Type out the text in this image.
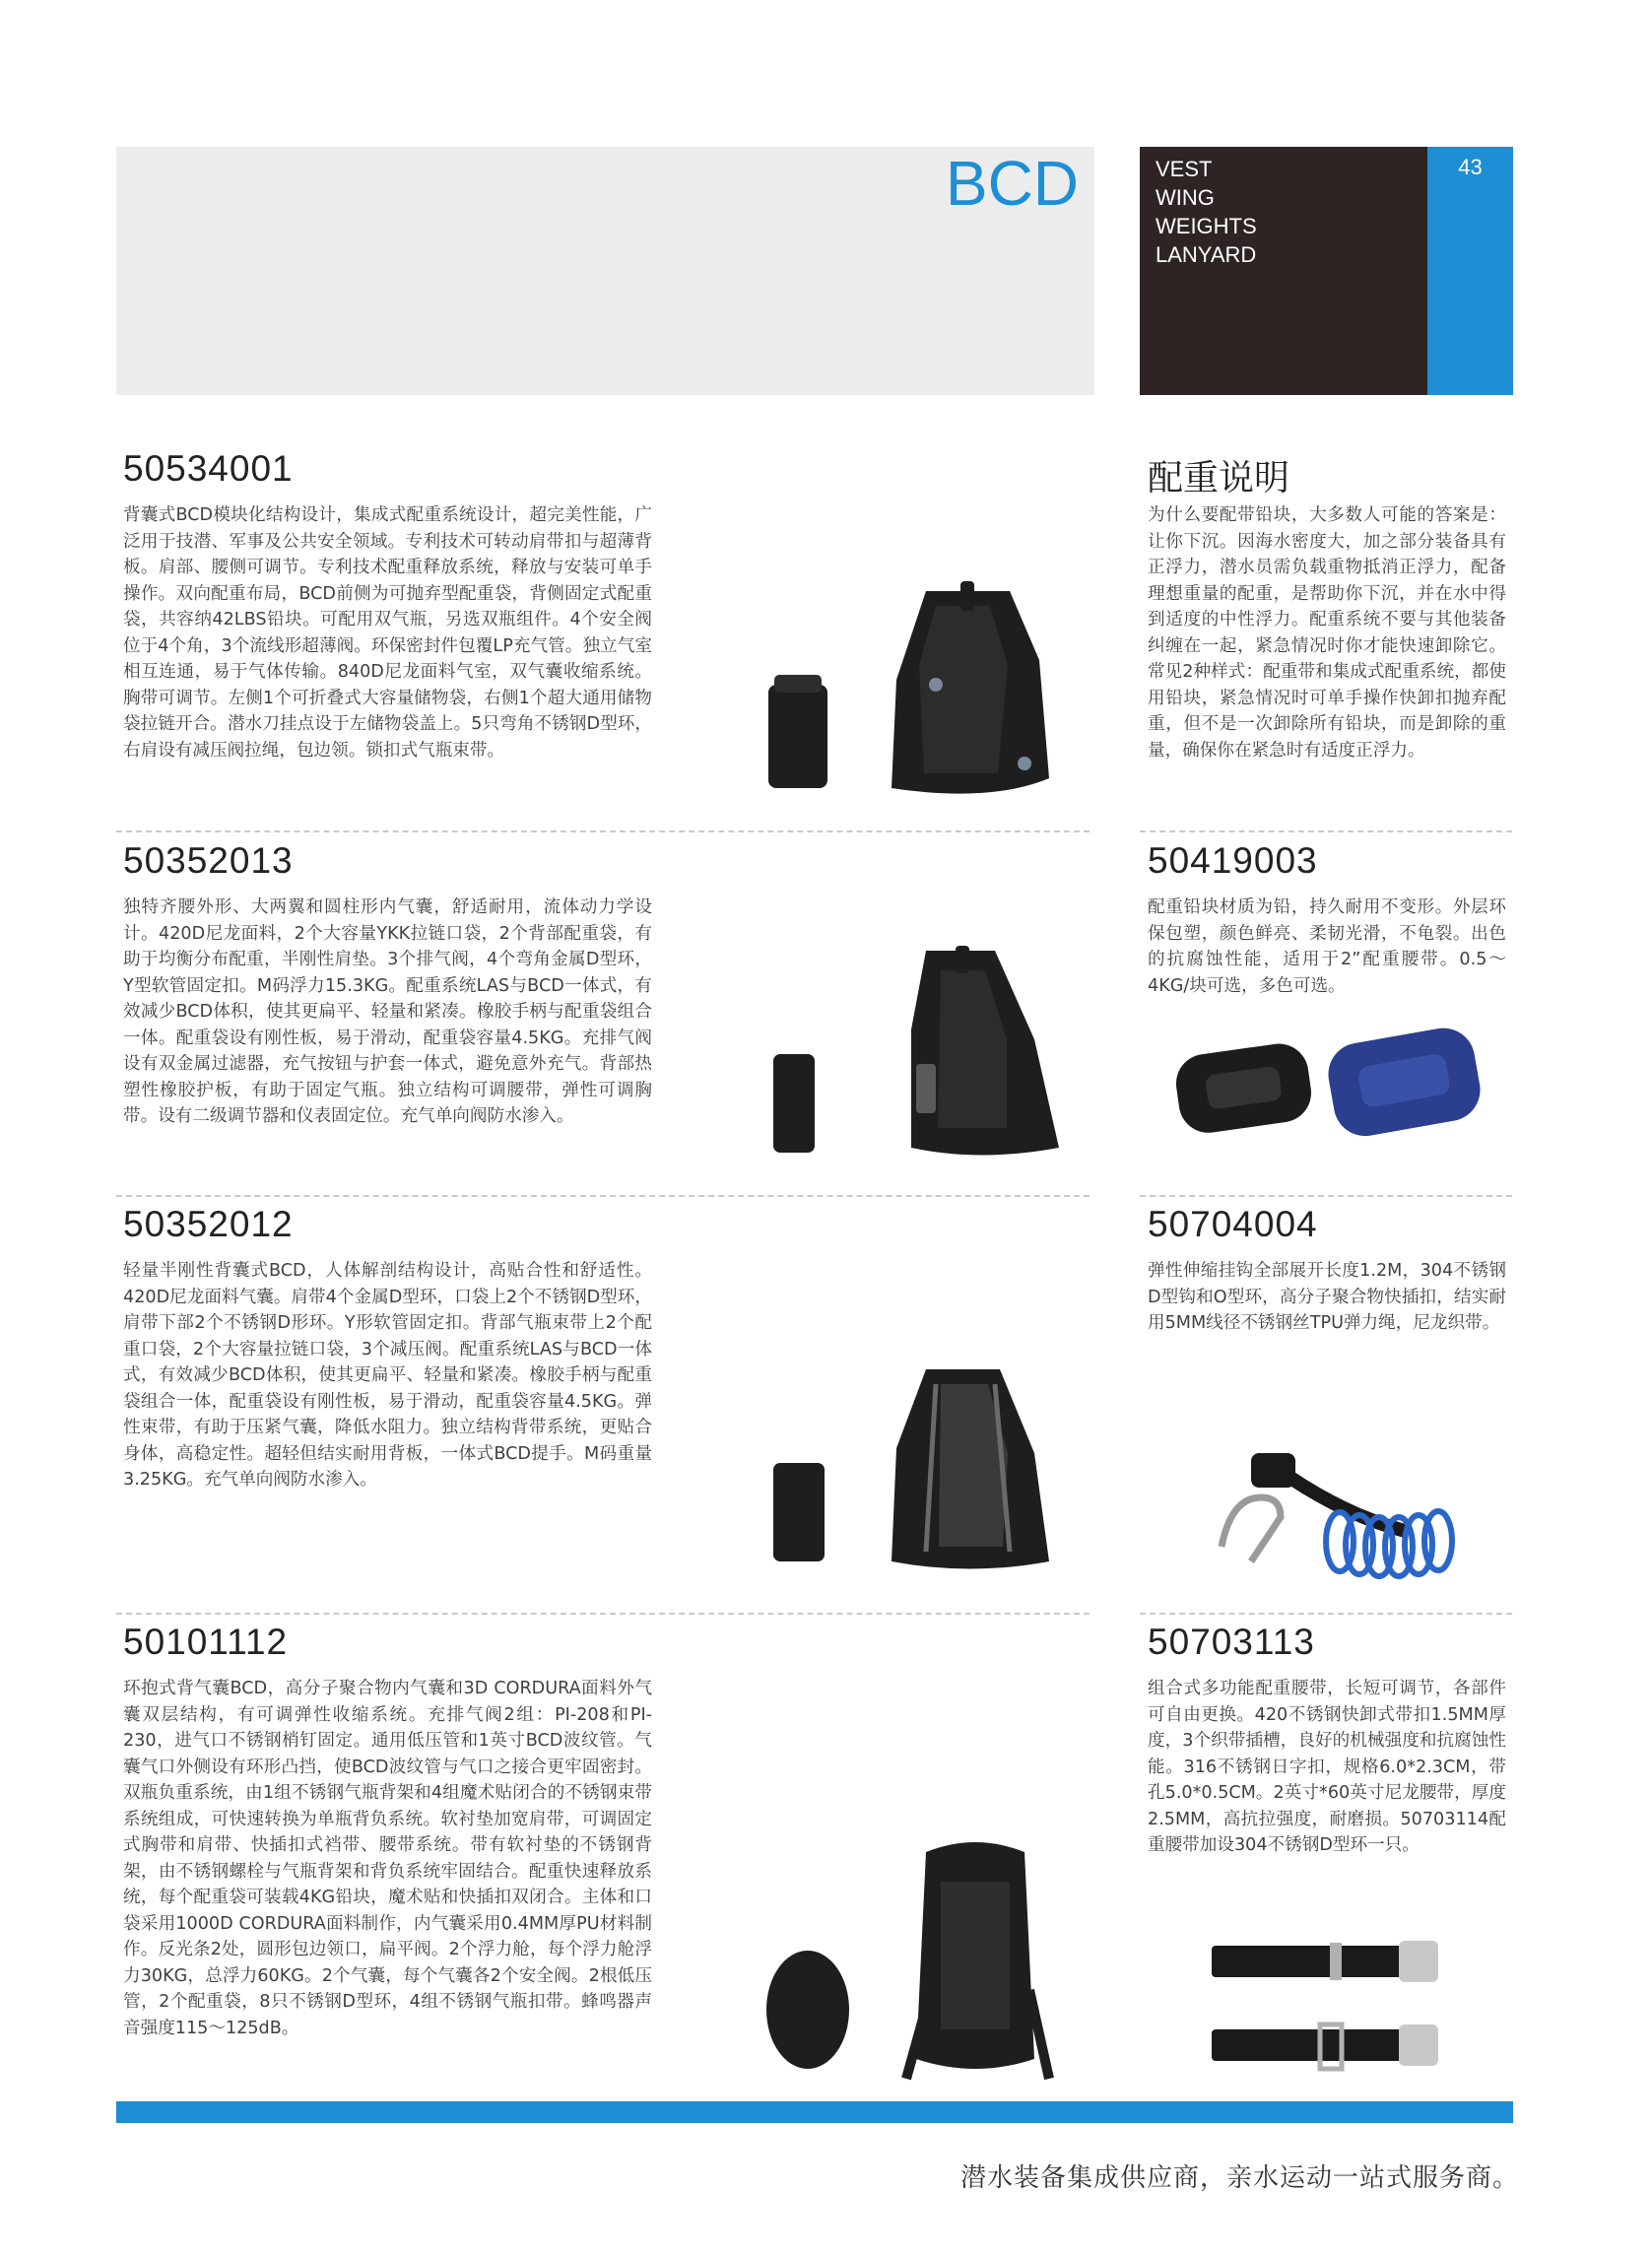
BCD	VEST
WING
WEIGHTS
LANYARD
43
50534001

背囊式BCD模块化结构设计，集成式配重系统设计，超完美性能，广泛用于技潜、军事及公共安全领域。专利技术可转动肩带扣与超薄背板。肩部、腰侧可调节。专利技术配重释放系统，释放与安装可单手操作。双向配重布局，BCD前侧为可抛弃型配重袋，背侧固定式配重袋，共容纳42LBS铅块。可配用双气瓶，另选双瓶组件。4个安全阀位于4个角，3个流线形超薄阀。环保密封件包覆LP充气管。独立气室相互连通，易于气体传输。840D尼龙面料气室，双气囊收缩系统。胸带可调节。左侧1个可折叠式大容量储物袋，右侧1个超大通用储物袋拉链开合。潜水刀挂点设于左储物袋盖上。5只弯角不锈钢D型环，右肩设有减压阀拉绳，包边领。锁扣式气瓶束带。

50352013

独特齐腰外形、大两翼和圆柱形内气囊，舒适耐用，流体动力学设计。420D尼龙面料，2个大容量YKK拉链口袋，2个背部配重袋，有助于均衡分布配重，半刚性肩垫。3个排气阀，4个弯角金属D型环，Y型软管固定扣。M码浮力15.3KG。配重系统LAS与BCD一体式，有效减少BCD体积，使其更扁平、轻量和紧凑。橡胶手柄与配重袋组合一体。配重袋设有刚性板，易于滑动，配重袋容量4.5KG。充排气阀设有双金属过滤器，充气按钮与护套一体式，避免意外充气。背部热塑性橡胶护板，有助于固定气瓶。独立结构可调腰带，弹性可调胸带。设有二级调节器和仪表固定位。充气单向阀防水渗入。

50352012

轻量半刚性背囊式BCD，人体解剖结构设计，高贴合性和舒适性。420D尼龙面料气囊。肩带4个金属D型环，口袋上2个不锈钢D型环，肩带下部2个不锈钢D形环。Y形软管固定扣。背部气瓶束带上2个配重口袋，2个大容量拉链口袋，3个减压阀。配重系统LAS与BCD一体式，有效减少BCD体积，使其更扁平、轻量和紧凑。橡胶手柄与配重袋组合一体，配重袋设有刚性板，易于滑动，配重袋容量4.5KG。弹性束带，有助于压紧气囊，降低水阻力。独立结构背带系统，更贴合身体，高稳定性。超轻但结实耐用背板，一体式BCD提手。M码重量3.25KG。充气单向阀防水渗入。

50101112

环抱式背气囊BCD，高分子聚合物内气囊和3D CORDURA面料外气囊双层结构，有可调弹性收缩系统。充排气阀2组：PI-208和PI-230，进气口不锈钢梢钉固定。通用低压管和1英寸BCD波纹管。气囊气口外侧设有环形凸挡，使BCD波纹管与气口之接合更牢固密封。双瓶负重系统，由1组不锈钢气瓶背架和4组魔术贴闭合的不锈钢束带系统组成，可快速转换为单瓶背负系统。软衬垫加宽肩带，可调固定式胸带和肩带、快插扣式裆带、腰带系统。带有软衬垫的不锈钢背架，由不锈钢螺栓与气瓶背架和背负系统牢固结合。配重快速释放系统，每个配重袋可装载4KG铅块，魔术贴和快插扣双闭合。主体和口袋采用1000D CORDURA面料制作，内气囊采用0.4MM厚PU材料制作。反光条2处，圆形包边领口，扁平阀。2个浮力舱，每个浮力舱浮力30KG，总浮力60KG。2个气囊，每个气囊各2个安全阀。2根低压管，2个配重袋，8只不锈钢D型环，4组不锈钢气瓶扣带。蜂鸣器声音强度115～125dB。

配重说明

为什么要配带铅块，大多数人可能的答案是：让你下沉。因海水密度大，加之部分装备具有正浮力，潜水员需负载重物抵消正浮力，配备理想重量的配重，是帮助你下沉，并在水中得到适度的中性浮力。配重系统不要与其他装备纠缠在一起，紧急情况时你才能快速卸除它。常见2种样式：配重带和集成式配重系统，都使用铅块，紧急情况时可单手操作快卸扣抛弃配重，但不是一次卸除所有铅块，而是卸除的重量，确保你在紧急时有适度正浮力。

50419003

配重铅块材质为铅，持久耐用不变形。外层环保包塑，颜色鲜亮、柔韧光滑，不龟裂。出色的抗腐蚀性能，适用于2”配重腰带。0.5～4KG/块可选，多色可选。

50704004

弹性伸缩挂钩全部展开长度1.2M，304不锈钢D型钩和O型环，高分子聚合物快插扣，结实耐用5MM线径不锈钢丝TPU弹力绳，尼龙织带。

50703113

组合式多功能配重腰带，长短可调节，各部件可自由更换。420不锈钢快卸式带扣1.5MM厚度，3个织带插槽，良好的机械强度和抗腐蚀性能。316不锈钢日字扣，规格6.0*2.3CM，带孔5.0*0.5CM。2英寸*60英寸尼龙腰带，厚度2.5MM，高抗拉强度，耐磨损。50703114配重腰带加设304不锈钢D型环一只。

潜水装备集成供应商，亲水运动一站式服务商。
